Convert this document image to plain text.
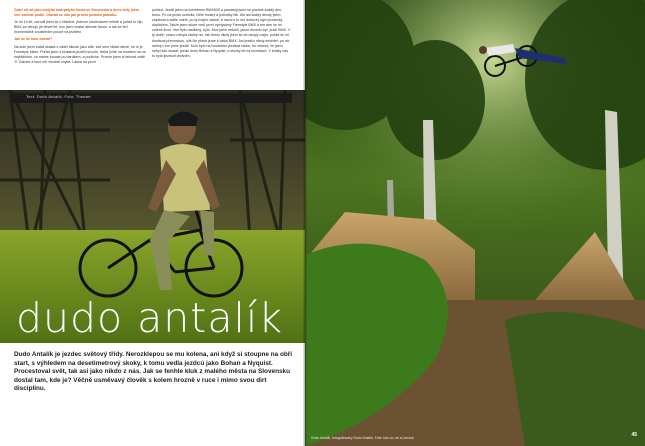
Zdari nă od jako malýho kadrpalyho kluka ze Slovenska a dnes tedy jsem verí začínat podlé. Otázali se nás jak prošlo poladní plánaku.

Je mi 19 let, narodil jsem se v Martině, jednom slovenském městě a pořád tu žiju. BMX se věnuju již devet let, kím jsem dostal atheste fanou, a tak se teď momentálně soustředím pouze na ježdění.

Jak se ke kolu dostal?

Na kole jsem začal skákat s ošitel bikuek jako díte, své sem vibavi ideně, se m je Freestyle bikes. Pořád jsem s klukama jezdili na kole, třeba jízde na mostem na na nejbližšímu, co mame bouale po bardkem, a pouliché. Prvním jsem si letovat vrátě 'X' Games a bmx mě vhodně chytla. Láska na první

pohled. Jezdil jsem na kombinem BMX620 a pamatuji jsem se pozdně každý den, tomu. Po na jezdu uzdrčila, Děle mosky a jednotky bik. Ale asi každy dendy jsem zapřezal a sotile volně, po ty mojím zádně, a navíc k to mé dobývej mým jezdecký dopláčem. Takže jsem skore vedl první vymyslený Freestyle BMX a ten den se mi změnil život. Vše bylo nadšený, bylo. Moc jsem netušil, jakou dovedu být, jezdí BMX. V tý době, vesno nebyla žádný nic, tak treslo nikdy jsem se do rampy rozjel, pořád se mi dostával přemovkou, ulik Ne přece jsme k vášni BMX. Ani jezdicí nikdy nevědel, po nic nežluj v tím jsme jezdili. Kolo bylo na hovádoso jezdivat rádce, bo všichni, že jsem nebyl kdo dostal, jezdci dnes Bohan a Nyquist, a stovky let na lezmkách. V krátky čas to byla ijezdiuti chráněn.

Text: Dodo Antalík, Foto: Theater
dudo antalík
Dudo Antalík je jezdec světový třídy. Nerozklepou se mu kolena, ani když si stoupne na obří start, s výhledem na desetimetrový skoky, k tomu vedla jezdcú jako Bohan a Nyquist. Procestoval svět, tak asi jako nikdo z nás. Jak se fenhle kluk z malého města na Slovensku dostal tam, kde je? Věčně usměvavý člověk s kolem hrozně v ruce i mimo svou dirt disciplínu.
Dudo Antalík, fotografovaný Dudo Antalík, Fote: kdo co: alí a Lerrson	45
